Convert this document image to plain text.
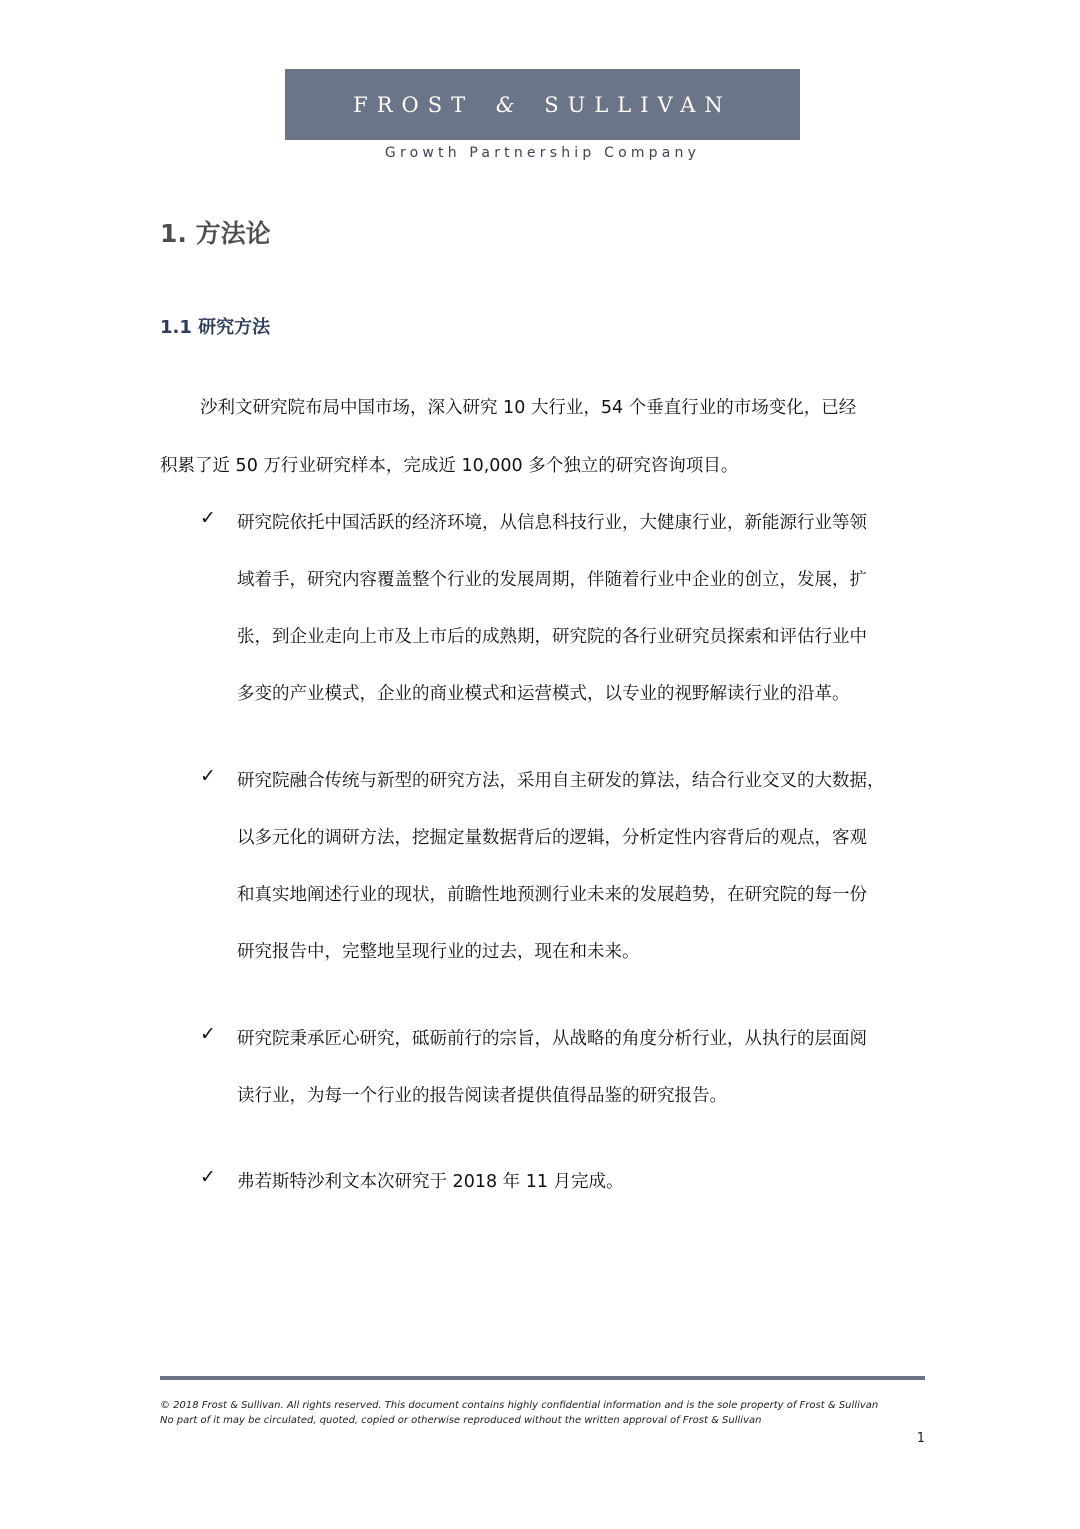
FROST & SULLIVAN
Growth Partnership Company
1. 方法论
1.1 研究方法
沙利文研究院布局中国市场，深入研究 10 大行业，54 个垂直行业的市场变化，已经
积累了近 50 万行业研究样本，完成近 10,000 多个独立的研究咨询项目。
✓ 研究院依托中国活跃的经济环境，从信息科技行业，大健康行业，新能源行业等领
域着手，研究内容覆盖整个行业的发展周期，伴随着行业中企业的创立，发展，扩
张，到企业走向上市及上市后的成熟期，研究院的各行业研究员探索和评估行业中
多变的产业模式，企业的商业模式和运营模式，以专业的视野解读行业的沿革。
✓ 研究院融合传统与新型的研究方法，采用自主研发的算法，结合行业交叉的大数据，
以多元化的调研方法，挖掘定量数据背后的逻辑，分析定性内容背后的观点，客观
和真实地阐述行业的现状，前瞻性地预测行业未来的发展趋势，在研究院的每一份
研究报告中，完整地呈现行业的过去，现在和未来。
✓ 研究院秉承匠心研究，砥砺前行的宗旨，从战略的角度分析行业，从执行的层面阅
读行业，为每一个行业的报告阅读者提供值得品鉴的研究报告。
✓ 弗若斯特沙利文本次研究于 2018 年 11 月完成。
© 2018 Frost & Sullivan. All rights reserved. This document contains highly confidential information and is the sole property of Frost & Sullivan
No part of it may be circulated, quoted, copied or otherwise reproduced without the written approval of Frost & Sullivan
1
